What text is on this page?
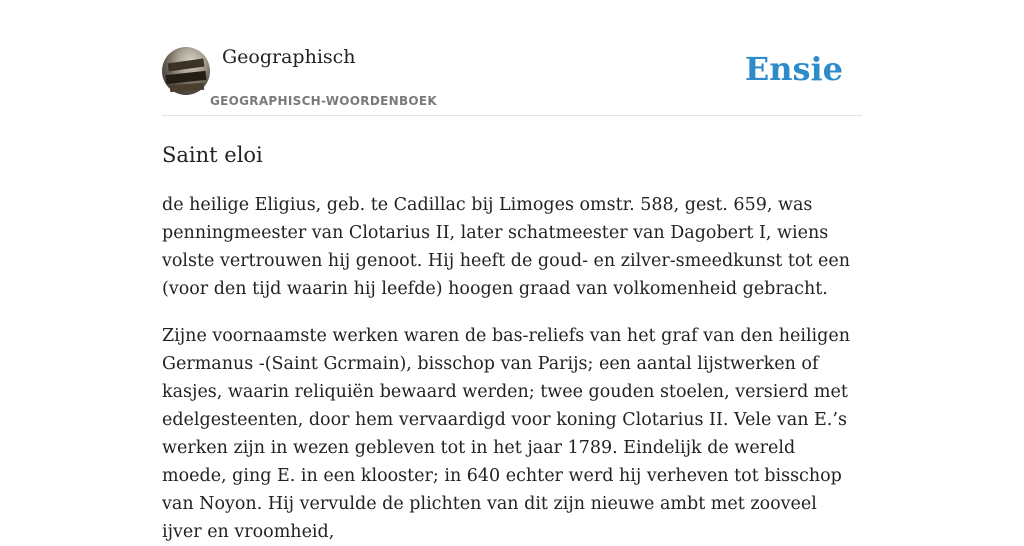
Geographisch
GEOGRAPHISCH-WOORDENBOEK
Ensie
Saint eloi

de heilige Eligius, geb. te Cadillac bij Limoges omstr. 588, gest. 659, was penningmeester van Clotarius II, later schatmeester van Dagobert I, wiens volste vertrouwen hij genoot. Hij heeft de goud- en zilver-smeedkunst tot een (voor den tijd waarin hij leefde) hoogen graad van volkomenheid gebracht.

Zijne voornaamste werken waren de bas-reliefs van het graf van den heiligen Germanus -(Saint Gcrmain), bisschop van Parijs; een aantal lijstwerken of kasjes, waarin reliquiën bewaard werden; twee gouden stoelen, versierd met edelgesteenten, door hem vervaardigd voor koning Clotarius II. Vele van E.’s werken zijn in wezen gebleven tot in het jaar 1789. Eindelijk de wereld moede, ging E. in een klooster; in 640 echter werd hij verheven tot bisschop van Noyon. Hij vervulde de plichten van dit zijn nieuwe ambt met zooveel ijver en vroomheid,
